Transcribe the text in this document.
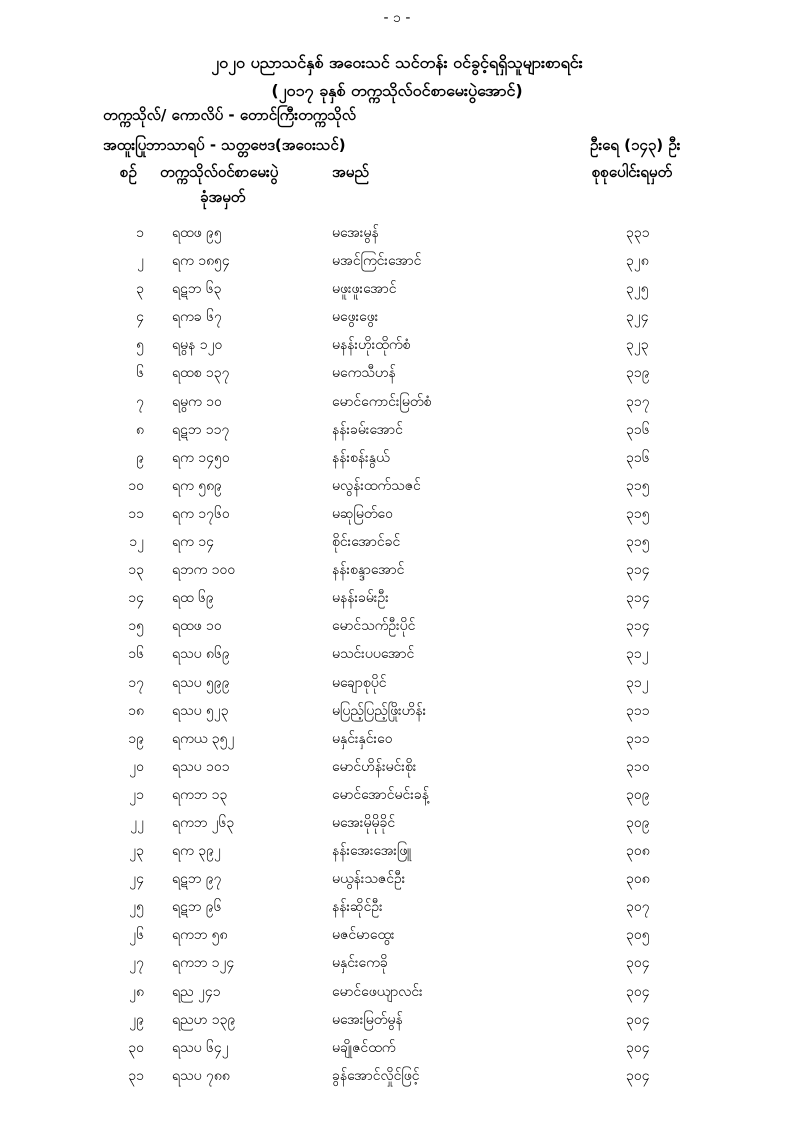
- ၁ -
၂၀၂၀ ပညာသင်နှစ် အဝေးသင် သင်တန်း ဝင်ခွင့်ရရှိသူများစာရင်း
(၂၀၁၇ ခုနှစ် တက္ကသိုလ်ဝင်စာမေးပွဲအောင်)
တက္ကသိုလ်/ ကောလိပ် - တောင်ကြီးတက္ကသိုလ်
အထူးပြုဘာသာရပ် - သတ္တဗေဒ(အဝေးသင်)	ဦးရေ (၁၄၃) ဦး
စဉ် တက္ကသိုလ်ဝင်စာမေးပွဲ
ခုံအမှတ်
အမည်	စုစုပေါင်းရမှတ်
၁ ရထဖ ၉၅	မအေးမွန်	၃၃၁
၂ ရက ၁၈၅၄	မအင်ကြင်းအောင်	၃၂၈
၃ ရဋဘ ၆၃	မဖူးဖူးအောင်	၃၂၅
၄ ရကခ ၆၇	မဖွေးဖွေး	၃၂၄
၅ ရမွန ၁၂၀	မနန်းဟိုးထိုက်စံ	၃၂၃
၆ ရထစ ၁၃၇	မကေသီဟန်	၃၁၉
၇ ရမွက ၁၀	မောင်ကောင်းမြတ်စံ	၃၁၇
၈ ရဋဘ ၁၁၇	နန်းခမ်းအောင်	၃၁၆
၉ ရက ၁၄၅၀	နန်းစန်းနွယ်	၃၁၆
၁၀ ရက ၅၈၉	မလွန်းထက်သဇင်	၃၁၅
၁၁ ရက ၁၇၆၀	မဆုမြတ်ဝေ	၃၁၅
၁၂ ရက ၁၄	စိုင်းအောင်ခင်	၃၁၅
၁၃ ရဘက ၁၀၀	နန်းစန္ဒာအောင်	၃၁၄
၁၄ ရထ ၆၉	မနန်းခမ်းဦး	၃၁၄
၁၅ ရထဖ ၁၀	မောင်သက်ဦးပိုင်	၃၁၄
၁၆ ရသပ ၈၆၉	မသင်းပပအောင်	၃၁၂
၁၇ ရသပ ၅၉၉	မချောစုပိုင်	၃၁၂
၁၈ ရသပ ၅၂၃	မပြည့်ပြည့်ဖြိုးဟိန်း	၃၁၁
၁၉ ရကယ ၃၅၂	မနှင်းနှင်းဝေ	၃၁၁
၂၀ ရသပ ၁၀၁	မောင်ဟိန်းမင်းစိုး	၃၁၀
၂၁ ရကဘ ၁၃	မောင်အောင်မင်းခန့်	၃၀၉
၂၂ ရကဘ ၂၆၃	မအေးမိုမိုခိုင်	၃၀၉
၂၃ ရက ၃၉၂	နန်းအေးအေးဖြူ	၃၀၈
၂၄ ရဋဘ ၉၇	မယွန်းသဇင်ဦး	၃၀၈
၂၅ ရဋဘ ၉၆	နန်းဆိုင်ဦး	၃၀၇
၂၆ ရကဘ ၅၈	မဇင်မာထွေး	၃၀၅
၂၇ ရကဘ ၁၂၄	မနှင်းကေခို	၃၀၄
၂၈ ရည ၂၄၁	မောင်ဖေယျာလင်း	၃၀၄
၂၉ ရညဟ ၁၃၉	မအေးမြတ်မွန်	၃၀၄
၃၀ ရသပ ၆၄၂	မချိုဇင်ထက်	၃၀၄
၃၁ ရသပ ၇၈၈	ခွန်အောင်လှိုင်ဖြင့်	၃၀၄
